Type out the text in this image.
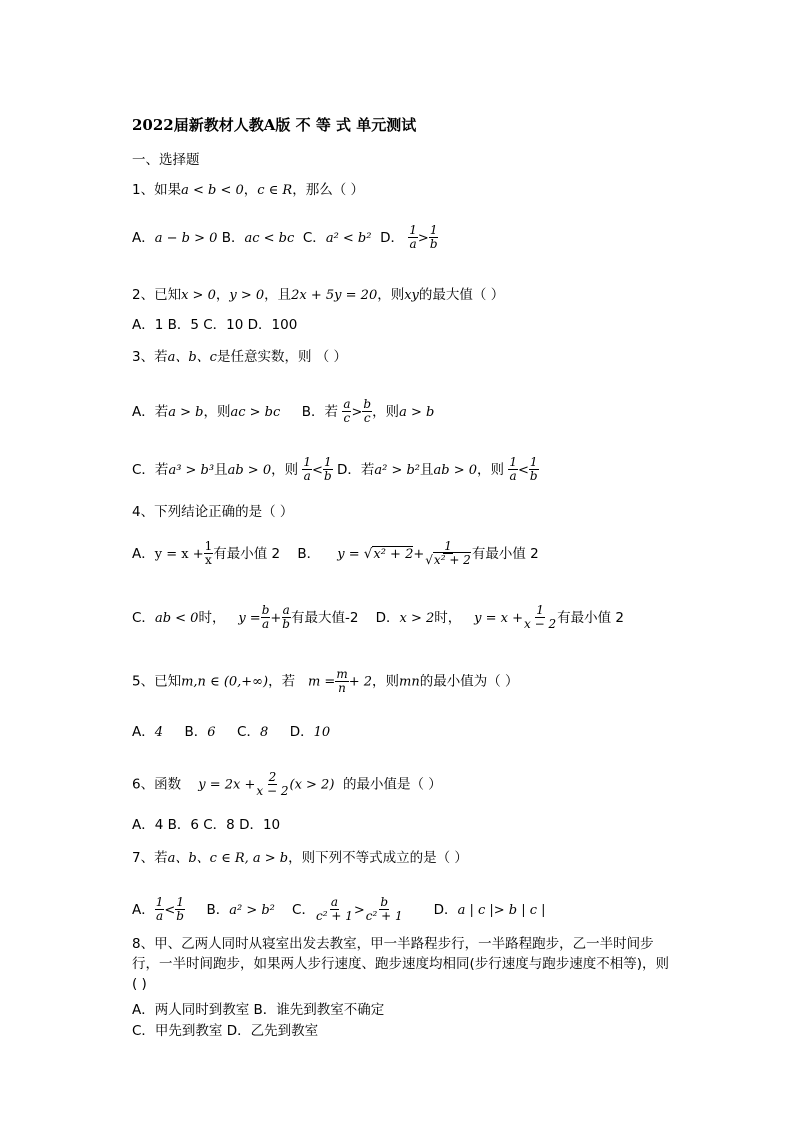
2022届新教材人教A版 不 等 式 单元测试
一、选择题
1、如果a < b < 0，c ∈ R，那么（ ）
A．a − b > 0 B．ac < bc C．a² < b² D． $\frac{1}{a} > \frac{1}{b}$
2、已知x > 0，y > 0，且2x + 5y = 20，则xy的最大值（ ）
A．1 B．5 C．10 D．100
3、若a、b、c是任意实数，则 （ ）
A．若a > b，则ac > bc B．若 $\frac{a}{c} > \frac{b}{c}$ ，则a > b
C．若a³ > b³且ab > 0，则 $\frac{1}{a} < \frac{1}{b}$ D．若a² > b²且ab > 0，则 $\frac{1}{a} < \frac{1}{b}$
4、下列结论正确的是（ ）
A．$y = x + \frac{1}{x}$ 有最小值 2 B． $y = √x^2 + 2+ \frac{1}{\text{√x² + 2}}$ 有最小值 2
C．ab < 0时， $y = \frac{b}{a} + \frac{a}{b}$ 有最大值-2 D．x > 2时， $y = x + \frac{1}{x - 2}$ 有最小值 2
5、已知m,n ∈ (0,+∞)，若 $m = \frac{m}{n} + 2$，则mn的最小值为（ ）
A．4 B．6 C．8 D．10
6、函数 $y = 2x + \frac{2}{x - 2} (x > 2)$ 的最小值是（ ）
A．4 B．6 C．8 D．10
7、若a、b、c ∈ R, a > b，则下列不等式成立的是（ ）
A． $\frac{1}{a} < \frac{1}{b}$ B．a² > b² C． $\frac{a}{\text{c² + 1}} > \frac{b}{\text{c² + 1}}$ D．a | c |> b | c |
8、甲、乙两人同时从寝室出发去教室，甲一半路程步行，一半路程跑步，乙一半时间步行，一半时间跑步，如果两人步行速度、跑步速度均相同(步行速度与跑步速度不相等)，则( )
A．两人同时到教室 B．谁先到教室不确定
C．甲先到教室 D．乙先到教室
